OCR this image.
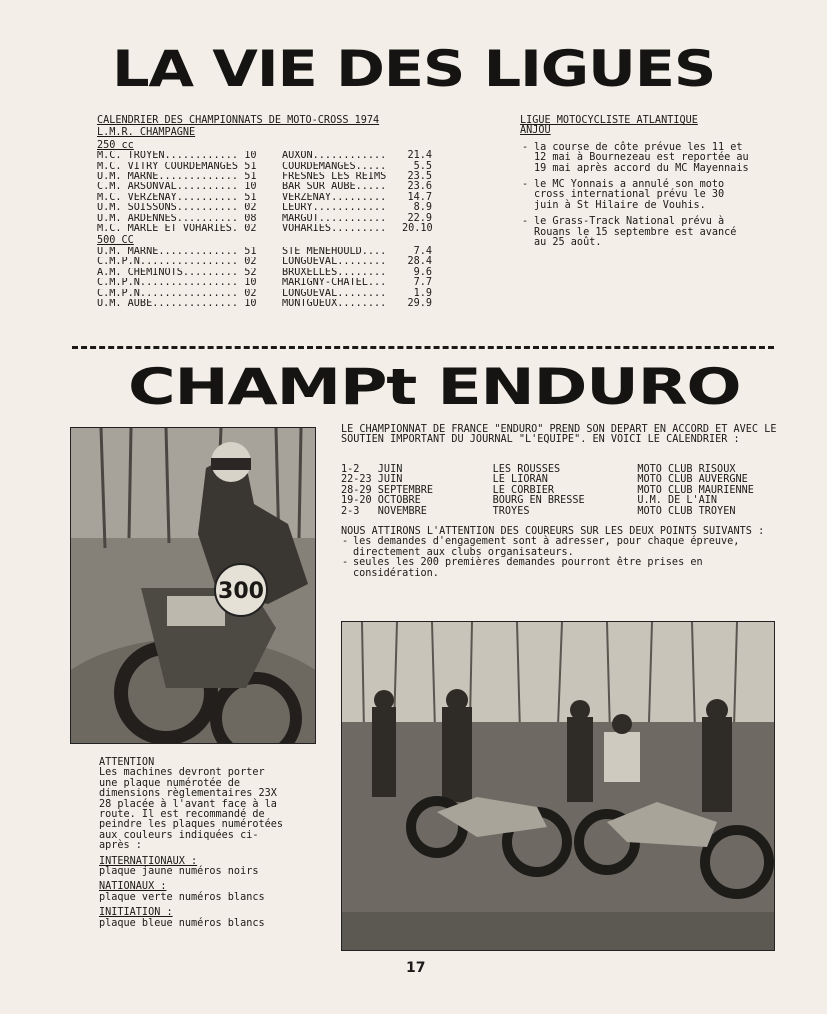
LA VIE DES LIGUES
CALENDRIER DES CHAMPIONNATS DE MOTO-CROSS 1974
L.M.R. CHAMPAGNE
250 cc
M.C. TROYEN............ 10	AUXON............	21.4
M.C. VITRY COURDEMANGES 51	COURDEMANGES.....	5.5
U.M. MARNE............. 51	FRESNES LES REIMS	23.5
C.M. ARSONVAL.......... 10	BAR SUR AUBE.....	23.6
M.C. VERZENAY.......... 51	VERZENAY.........	14.7
U.M. SOISSONS.......... 02	LEURY............	8.9
U.M. ARDENNES.......... 08	MARGUT...........	22.9
M.C. MARLE ET VOHARIES. 02	VOHARIES.........	20.10
500 CC
U.M. MARNE............. 51	STE MENEHOULD....	7.4
C.M.P.N................ 02	LONGUEVAL........	28.4
A.M. CHEMINOTS......... 52	BRUXELLES........	9.6
C.M.P.N................ 10	MARIGNY-CHATEL...	7.7
C.M.P.N................ 02	LONGUEVAL........	1.9
U.M. AUBE.............. 10	MONTGUEUX........	29.9
LIGUE MOTOCYCLISTE ATLANTIQUE
ANJOU
- la course de côte prévue les 11 et 12 mai à Bournezeau est reportée au 19 mai après accord du MC Mayennais
- le MC Yonnais a annulé son moto cross international prévu le 30 juin à St Hilaire de Vouhis.
- le Grass-Track National prévu à Rouans le 15 septembre est avancé au 25 août.
CHAMPt ENDURO
300

LE CHAMPIONNAT DE FRANCE "ENDURO" PREND SON DEPART EN ACCORD ET AVEC LE SOUTIEN IMPORTANT DU JOURNAL "L'EQUIPE". EN VOICI LE CALENDRIER :

1-2   JUIN	LES ROUSSES	MOTO CLUB RISOUX
22-23 JUIN	LE LIORAN	MOTO CLUB AUVERGNE
28-29 SEPTEMBRE	LE CORBIER	MOTO CLUB MAURIENNE
19-20 OCTOBRE	BOURG EN BRESSE	U.M. DE L'AIN
2-3   NOVEMBRE	TROYES	MOTO CLUB TROYEN

NOUS ATTIRONS L'ATTENTION DES COUREURS SUR LES DEUX POINTS SUIVANTS :

- les demandes d'engagement sont à adresser, pour chaque épreuve, directement aux clubs organisateurs.
- seules les 200 premières demandes pourront être prises en considération.

ATTENTION

Les machines devront porter une plaque numérotée de dimensions règlementaires 23X 28 placée à l'avant face à la route. Il est recommandé de peindre les plaques numérotées aux couleurs indiquées ci-après :

INTERNATIONAUX :
plaque jaune numéros noirs
NATIONAUX :
plaque verte numéros blancs
INITIATION :
plaque bleue numéros blancs
17
